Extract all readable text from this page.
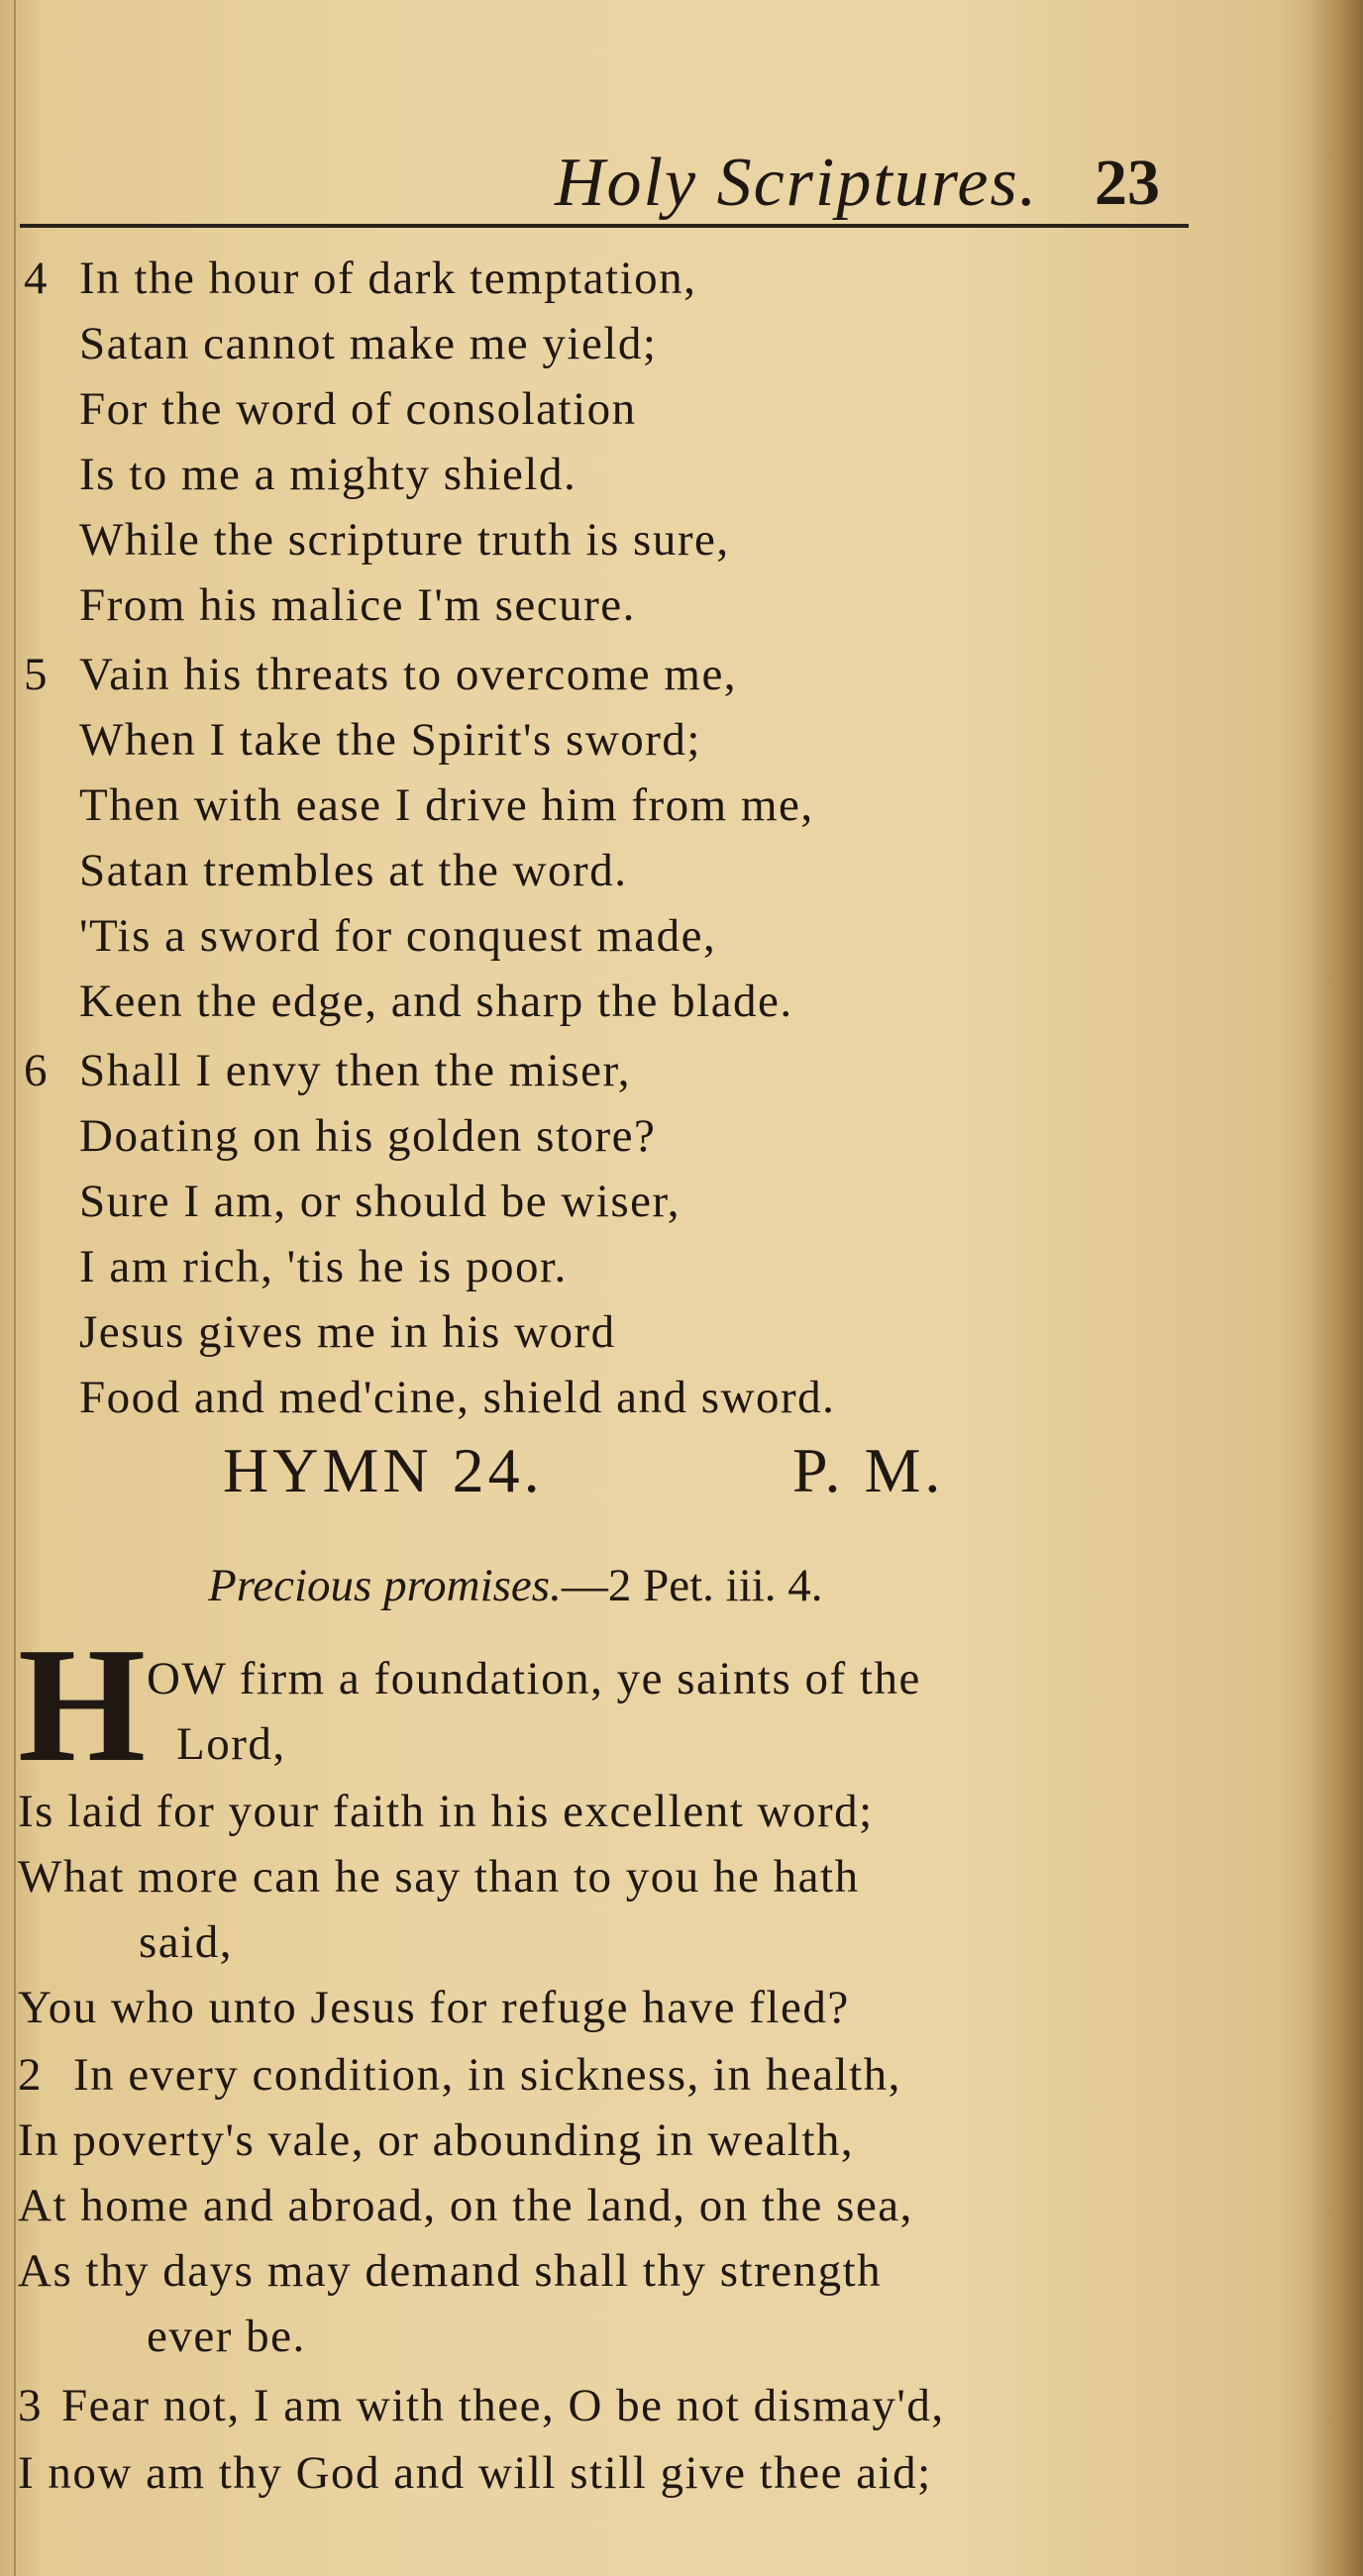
Holy Scriptures. 23
4 In the hour of dark temptation,
Satan cannot make me yield;
For the word of consolation
Is to me a mighty shield.
While the scripture truth is sure,
From his malice I'm secure.
5 Vain his threats to overcome me,
When I take the Spirit's sword;
Then with ease I drive him from me,
Satan trembles at the word.
'Tis a sword for conquest made,
Keen the edge, and sharp the blade.
6 Shall I envy then the miser,
Doating on his golden store?
Sure I am, or should be wiser,
I am rich, 'tis he is poor.
Jesus gives me in his word
Food and med'cine, shield and sword.
HYMN 24.	P. M.
Precious promises.—2 Pet. iii. 4.
H OW firm a foundation, ye saints of the
Lord,
Is laid for your faith in his excellent word;
What more can he say than to you he hath
said,
You who unto Jesus for refuge have fled?
2 In every condition, in sickness, in health,
In poverty's vale, or abounding in wealth,
At home and abroad, on the land, on the sea,
As thy days may demand shall thy strength
ever be.
3 Fear not, I am with thee, O be not dismay'd,
I now am thy God and will still give thee aid;
